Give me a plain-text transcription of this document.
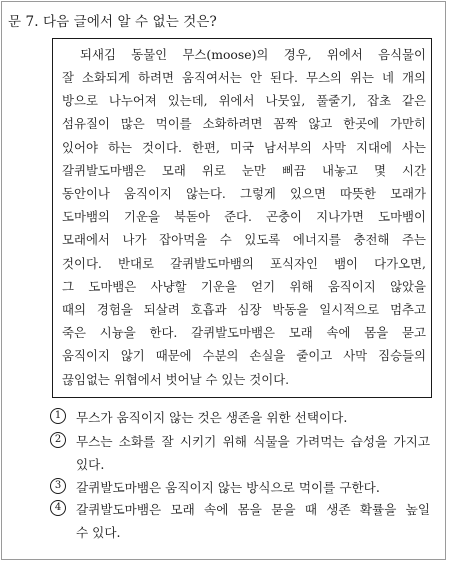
문 7. 다음 글에서 알 수 없는 것은?
되새김 동물인 무스(moose)의 경우, 위에서 음식물이
잘 소화되게 하려면 움직여서는 안 된다. 무스의 위는 네 개의
방으로 나누어져 있는데, 위에서 나뭇잎, 풀줄기, 잡초 같은
섬유질이 많은 먹이를 소화하려면 꼼짝 않고 한곳에 가만히
있어야 하는 것이다. 한편, 미국 남서부의 사막 지대에 사는
갈퀴발도마뱀은 모래 위로 눈만 삐끔 내놓고 몇 시간
동안이나 움직이지 않는다. 그렇게 있으면 따뜻한 모래가
도마뱀의 기운을 북돋아 준다. 곤충이 지나가면 도마뱀이
모래에서 나가 잡아먹을 수 있도록 에너지를 충전해 주는
것이다. 반대로 갈퀴발도마뱀의 포식자인 뱀이 다가오면,
그 도마뱀은 사냥할 기운을 얻기 위해 움직이지 않았을
때의 경험을 되살려 호흡과 심장 박동을 일시적으로 멈추고
죽은 시늉을 한다. 갈퀴발도마뱀은 모래 속에 몸을 묻고
움직이지 않기 때문에 수분의 손실을 줄이고 사막 짐승들의
끊임없는 위협에서 벗어날 수 있는 것이다.
1	무스가 움직이지 않는 것은 생존을 위한 선택이다.
2	무스는 소화를 잘 시키기 위해 식물을 가려먹는 습성을 가지고
있다.
3	갈퀴발도마뱀은 움직이지 않는 방식으로 먹이를 구한다.
4	갈퀴발도마뱀은 모래 속에 몸을 묻을 때 생존 확률을 높일
수 있다.
